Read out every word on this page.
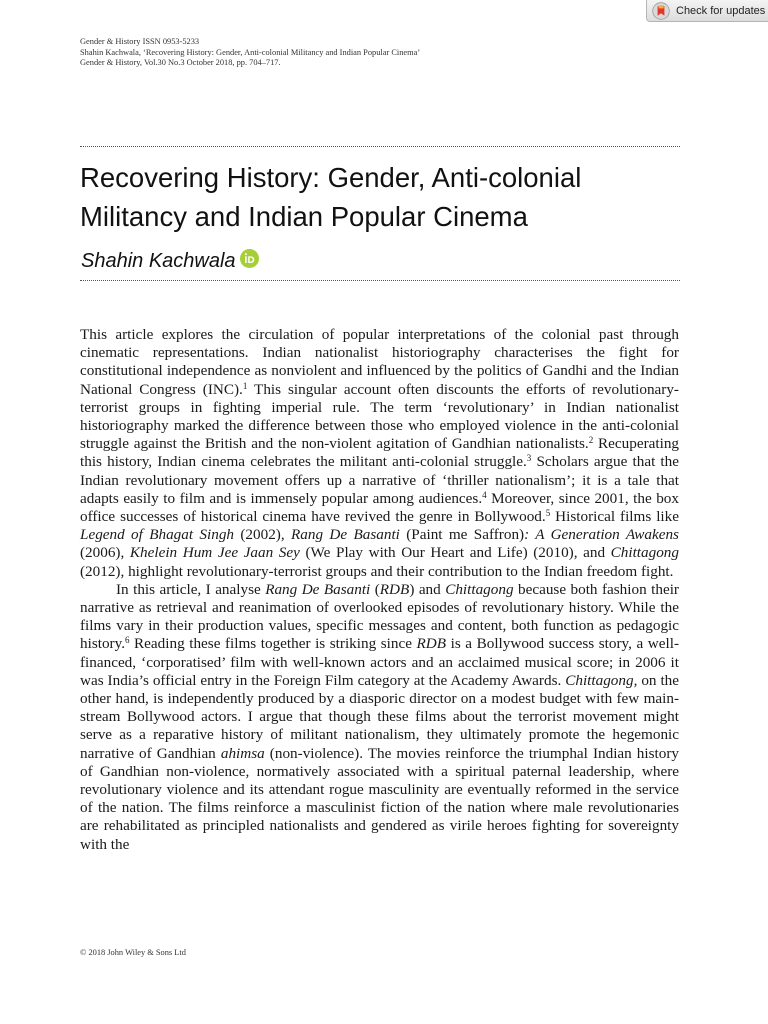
Check for updates
Gender & History ISSN 0953-5233
Shahin Kachwala, ‘Recovering History: Gender, Anti-colonial Militancy and Indian Popular Cinema’
Gender & History, Vol.30 No.3 October 2018, pp. 704–717.
Recovering History: Gender, Anti-colonial
Militancy and Indian Popular Cinema
Shahin Kachwala

This article explores the circulation of popular interpretations of the colonial past through cinematic representations. Indian nationalist historiography characterises the fight for constitutional independence as nonviolent and influenced by the politics of Gandhi and the Indian National Congress (INC).$^1$ This singular account often discounts the efforts of revolutionary-terrorist groups in fighting imperial rule. The term ‘revolutionary’ in Indian nationalist historiography marked the difference between those who employed violence in the anti-colonial struggle against the British and the non-violent agitation of Gandhian nationalists.$^2$ Recuperating this history, Indian cinema celebrates the militant anti-colonial struggle.$^3$ Scholars argue that the Indian revolutionary movement offers up a narrative of ‘thriller nationalism’; it is a tale that adapts easily to film and is immensely popular among audiences.$^4$ Moreover, since 2001, the box office successes of historical cinema have revived the genre in Bollywood.$^5$ Historical films like Legend of Bhagat Singh (2002), Rang De Basanti (Paint me Saffron): A Generation Awakens (2006), Khelein Hum Jee Jaan Sey (We Play with Our Heart and Life) (2010), and Chittagong (2012), highlight revolutionary-terrorist groups and their contribution to the Indian freedom fight.

In this article, I analyse Rang De Basanti (RDB) and Chittagong because both fashion their narrative as retrieval and reanimation of overlooked episodes of revolutionary history. While the films vary in their production values, specific messages and content, both function as pedagogic history.$^6$ Reading these films together is striking since RDB is a Bollywood success story, a well-financed, ‘corporatised’ film with well-known actors and an acclaimed musical score; in 2006 it was India’s official entry in the Foreign Film category at the Academy Awards. Chittagong, on the other hand, is independently produced by a diasporic director on a modest budget with few mainstream Bollywood actors. I argue that though these films about the terrorist movement might serve as a reparative history of militant nationalism, they ultimately promote the hegemonic narrative of Gandhian ahimsa (non-violence). The movies reinforce the triumphal Indian history of Gandhian non-violence, normatively associated with a spiritual paternal leadership, where revolutionary violence and its attendant rogue masculinity are eventually reformed in the service of the nation. The films reinforce a masculinist fiction of the nation where male revolutionaries are rehabilitated as principled nationalists and gendered as virile heroes fighting for sovereignty with the

© 2018 John Wiley & Sons Ltd
